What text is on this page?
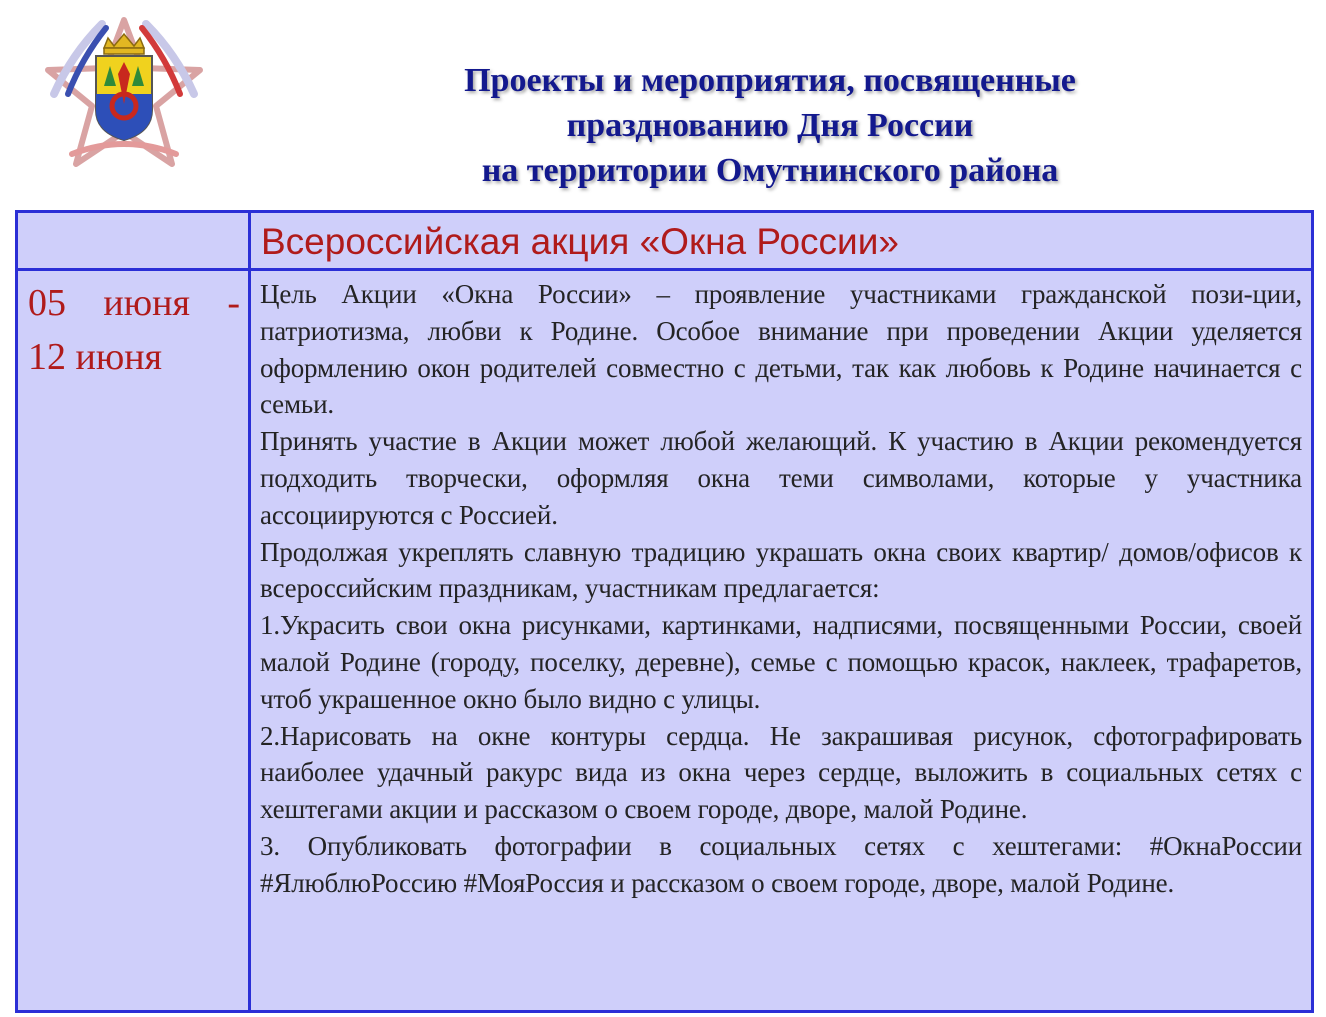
Проекты и мероприятия, посвященные
празднованию Дня России
на территории Омутнинского района
Всероссийская акция «Окна России»
05 июня -
12 июня

Цель Акции «Окна России» – проявление участниками гражданской пози-ции, патриотизма, любви к Родине. Особое внимание при проведении Акции уделяется оформлению окон родителей совместно с детьми, так как любовь к Родине начинается с семьи.

Принять участие в Акции может любой желающий. К участию в Акции рекомендуется подходить творчески, оформляя окна теми символами, которые у участника ассоциируются с Россией.

Продолжая укреплять славную традицию украшать окна своих квартир/ домов/офисов к всероссийским праздникам, участникам предлагается:

1.Украсить свои окна рисунками, картинками, надписями, посвященными России, своей малой Родине (городу, поселку, деревне), семье с помощью красок, наклеек, трафаретов, чтоб украшенное окно было видно с улицы.

2.Нарисовать на окне контуры сердца. Не закрашивая рисунок, сфотографировать наиболее удачный ракурс вида из окна через сердце, выложить в социальных сетях с хештегами акции и рассказом о своем городе, дворе, малой Родине.

3. Опубликовать фотографии в социальных сетях с хештегами: #ОкнаРоссии #ЯлюблюРоссию #МояРоссия и рассказом о своем городе, дворе, малой Родине.
